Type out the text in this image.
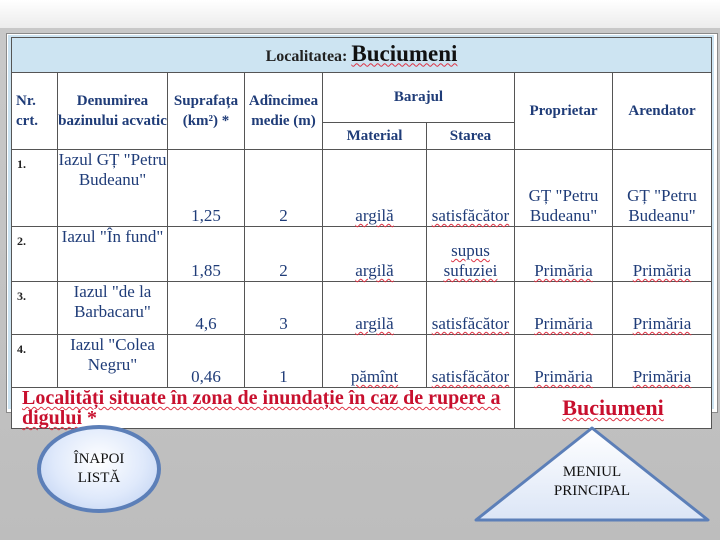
Localitatea: Buciumeni							
Nr. crt.	Denumirea bazinului acvatic	Suprafața (km²) *	Adîncimea medie (m)	Barajul		Proprietar	Arendator
				Material	Starea		
1.	Iazul GȚ "Petru Budeanu"	1,25	2	argilă	satisfăcător	GȚ "Petru Budeanu"	GȚ "Petru Budeanu"
2.	Iazul "În fund"	1,85	2	argilă	supus sufuziei	Primăria	Primăria
3.	Iazul "de la Barbacaru"	4,6	3	argilă	satisfăcător	Primăria	Primăria
4.	Iazul "Colea Negru"	0,46	1	pămînt	satisfăcător	Primăria	Primăria
Localități situate în zona de inundație în caz de rupere a digului *						Buciumeni	
ÎNAPOI LISTĂ	MENIUL PRINCIPAL
